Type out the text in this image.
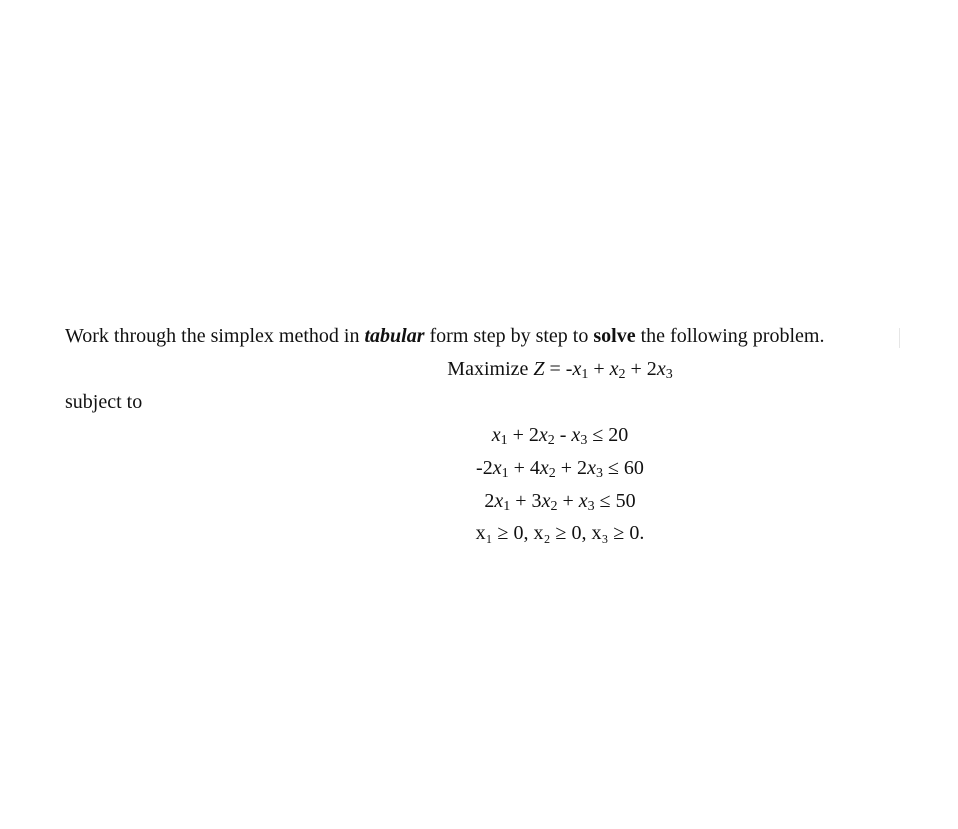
Work through the simplex method in tabular form step by step to solve the following problem.
Maximize $Z = -x_1 + x_2 + 2x_3$
subject to
$x_1 + 2x_2 - x_3 \le 20$
$-2x_1 + 4x_2 + 2x_3 \le 60$
$2x_1 + 3x_2 + x_3 \le 50$
x₁ ≥ 0, x₂ ≥ 0, x₃ ≥ 0.
